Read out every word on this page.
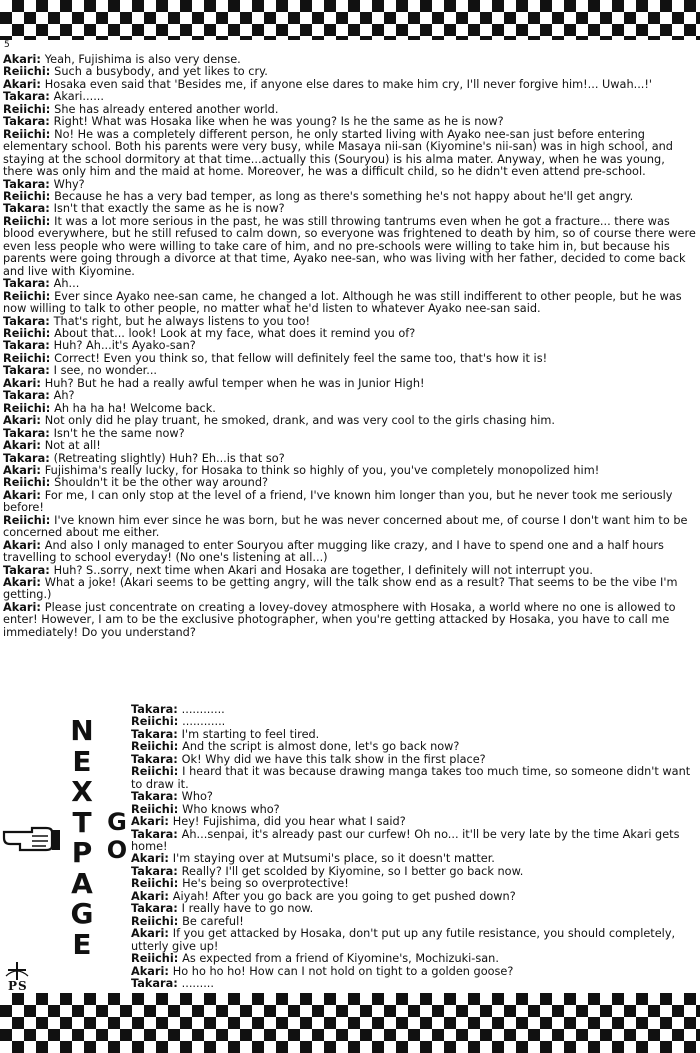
5
Akari: Yeah, Fujishima is also very dense.
Reiichi: Such a busybody, and yet likes to cry.
Akari: Hosaka even said that 'Besides me, if anyone else dares to make him cry, I'll never forgive him!... Uwah...!'
Takara: Akari......
Reiichi: She has already entered another world.
Takara: Right! What was Hosaka like when he was young? Is he the same as he is now?
Reiichi: No! He was a completely different person, he only started living with Ayako nee-san just before entering elementary school. Both his parents were very busy, while Masaya nii-san (Kiyomine's nii-san) was in high school, and staying at the school dormitory at that time...actually this (Souryou) is his alma mater. Anyway, when he was young, there was only him and the maid at home. Moreover, he was a difficult child, so he didn't even attend pre-school.
Takara: Why?
Reiichi: Because he has a very bad temper, as long as there's something he's not happy about he'll get angry.
Takara: Isn't that exactly the same as he is now?
Reiichi: It was a lot more serious in the past, he was still throwing tantrums even when he got a fracture... there was blood everywhere, but he still refused to calm down, so everyone was frightened to death by him, so of course there were even less people who were willing to take care of him, and no pre-schools were willing to take him in, but because his parents were going through a divorce at that time, Ayako nee-san, who was living with her father, decided to come back and live with Kiyomine.
Takara: Ah...
Reiichi: Ever since Ayako nee-san came, he changed a lot. Although he was still indifferent to other people, but he was now willing to talk to other people, no matter what he'd listen to whatever Ayako nee-san said.
Takara: That's right, but he always listens to you too!
Reiichi: About that... look! Look at my face, what does it remind you of?
Takara: Huh? Ah...it's Ayako-san?
Reiichi: Correct! Even you think so, that fellow will definitely feel the same too, that's how it is!
Takara: I see, no wonder...
Akari: Huh? But he had a really awful temper when he was in Junior High!
Takara: Ah?
Reiichi: Ah ha ha ha! Welcome back.
Akari: Not only did he play truant, he smoked, drank, and was very cool to the girls chasing him.
Takara: Isn't he the same now?
Akari: Not at all!
Takara: (Retreating slightly) Huh? Eh...is that so?
Akari: Fujishima's really lucky, for Hosaka to think so highly of you, you've completely monopolized him!
Reiichi: Shouldn't it be the other way around?
Akari: For me, I can only stop at the level of a friend, I've known him longer than you, but he never took me seriously before!
Reiichi: I've known him ever since he was born, but he was never concerned about me, of course I don't want him to be concerned about me either.
Akari: And also I only managed to enter Souryou after mugging like crazy, and I have to spend one and a half hours travelling to school everyday! (No one's listening at all...)
Takara: Huh? S..sorry, next time when Akari and Hosaka are together, I definitely will not interrupt you.
Akari: What a joke! (Akari seems to be getting angry, will the talk show end as a result? That seems to be the vibe I'm getting.)
Akari: Please just concentrate on creating a lovey-dovey atmosphere with Hosaka, a world where no one is allowed to enter! However, I am to be the exclusive photographer, when you're getting attacked by Hosaka, you have to call me immediately! Do you understand?
N
E
X
T
P
A
G
E
G
O
Takara: ............
Reiichi: ............
Takara: I'm starting to feel tired.
Reiichi: And the script is almost done, let's go back now?
Takara: Ok! Why did we have this talk show in the first place?
Reiichi: I heard that it was because drawing manga takes too much time, so someone didn't want to draw it.
Takara: Who?
Reiichi: Who knows who?
Akari: Hey! Fujishima, did you hear what I said?
Takara: Ah...senpai, it's already past our curfew! Oh no... it'll be very late by the time Akari gets home!
Akari: I'm staying over at Mutsumi's place, so it doesn't matter.
Takara: Really? I'll get scolded by Kiyomine, so I better go back now.
Reiichi: He's being so overprotective!
Akari: Aiyah! After you go back are you going to get pushed down?
Takara: I really have to go now.
Reiichi: Be careful!
Akari: If you get attacked by Hosaka, don't put up any futile resistance, you should completely, utterly give up!
Reiichi: As expected from a friend of Kiyomine's, Mochizuki-san.
Akari: Ho ho ho ho! How can I not hold on tight to a golden goose?
Takara: .........
PS
